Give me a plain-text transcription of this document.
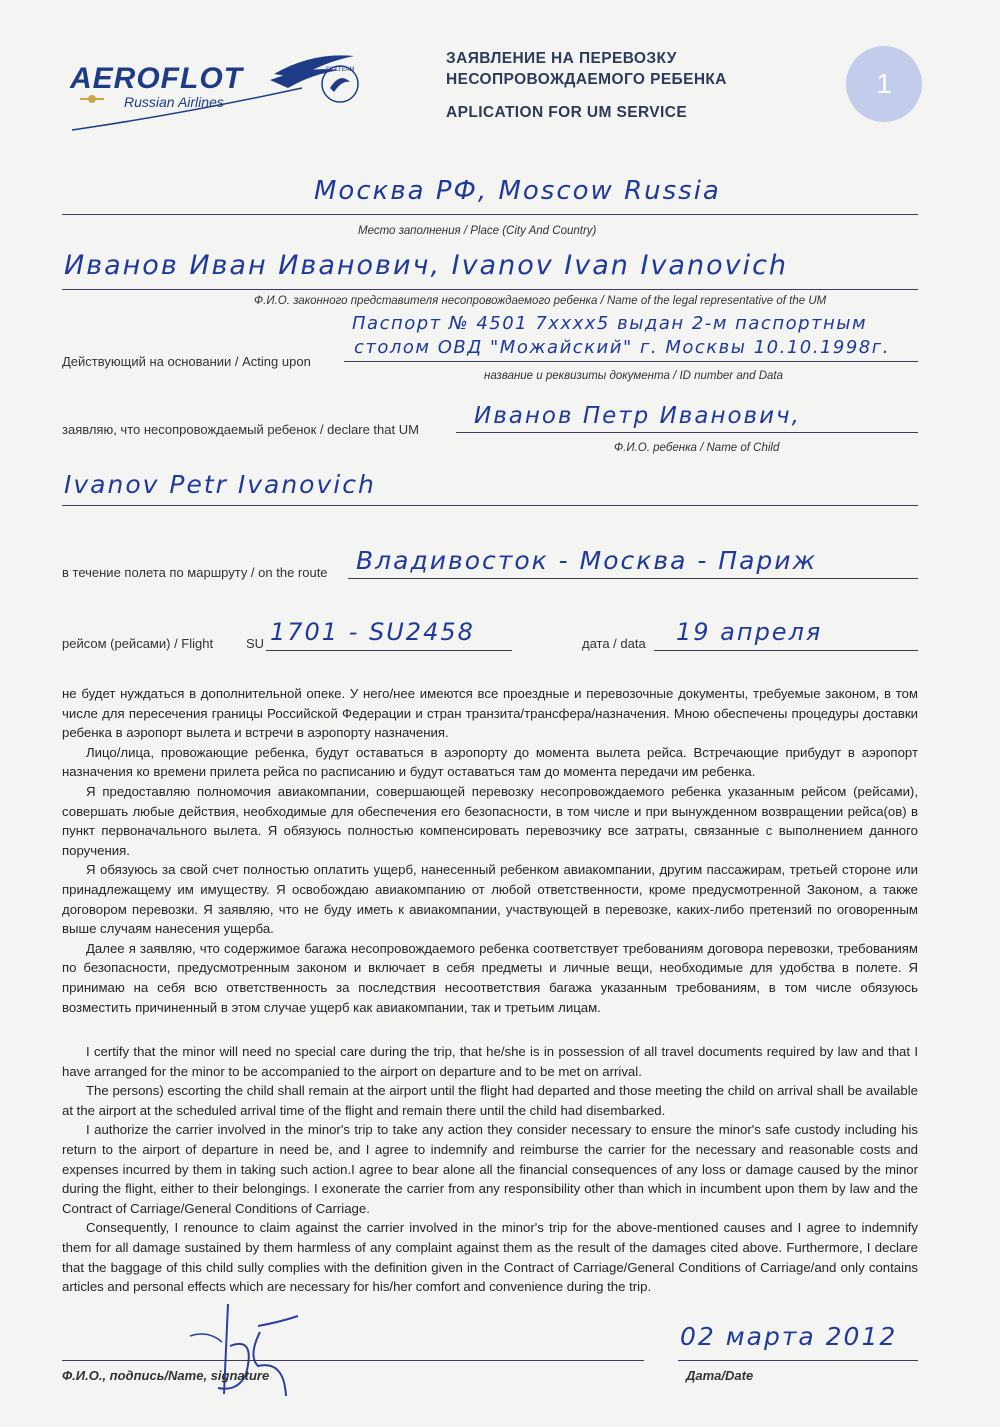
AEROFLOT
Russian Airlines
SKYTEAM
ЗАЯВЛЕНИЕ НА ПЕРЕВОЗКУ
НЕСОПРОВОЖДАЕМОГО РЕБЕНКА
APLICATION FOR UM SERVICE
1
Москва РФ, Moscow Russia
Место заполнения / Place (City And Country)
Иванов Иван Иванович, Ivanov Ivan Ivanovich
Ф.И.О. законного представителя несопровождаемого ребенка / Name of the legal representative of the UM
Паспорт № 4501 7xxxx5 выдан 2-м паспортным
столом ОВД "Можайский" г. Москвы 10.10.1998г.
Действующий на основании / Acting upon
название и реквизиты документа / ID number and Data
заявляю, что несопровождаемый ребенок / declare that UM
Иванов Петр Иванович,
Ф.И.О. ребенка / Name of Child
Ivanov Petr Ivanovich
в течение полета по маршруту / on the route Владивосток - Москва - Париж
рейсом (рейсами) / Flight	SU 1701 - SU2458	дата / data 19 апреля

не будет нуждаться в дополнительной опеке. У него/нее имеются все проездные и перевозочные документы, требуемые законом, в том числе для пересечения границы Российской Федерации и стран транзита/трансфера/назначения. Мною обеспечены процедуры доставки ребенка в аэропорт вылета и встречи в аэропорту назначения.

Лицо/лица, провожающие ребенка, будут оставаться в аэропорту до момента вылета рейса. Встречающие прибудут в аэропорт назначения ко времени прилета рейса по расписанию и будут оставаться там до момента передачи им ребенка.

Я предоставляю полномочия авиакомпании, совершающей перевозку несопровождаемого ребенка указанным рейсом (рейсами), совершать любые действия, необходимые для обеспечения его безопасности, в том числе и при вынужденном возвращении рейса(ов) в пункт первоначального вылета. Я обязуюсь полностью компенсировать перевозчику все затраты, связанные с выполнением данного поручения.

Я обязуюсь за свой счет полностью оплатить ущерб, нанесенный ребенком авиакомпании, другим пассажирам, третьей стороне или принадлежащему им имуществу. Я освобождаю авиакомпанию от любой ответственности, кроме предусмотренной Законом, а также договором перевозки. Я заявляю, что не буду иметь к авиакомпании, участвующей в перевозке, каких-либо претензий по оговоренным выше случаям нанесения ущерба.

Далее я заявляю, что содержимое багажа несопровождаемого ребенка соответствует требованиям договора перевозки, требованиям по безопасности, предусмотренным законом и включает в себя предметы и личные вещи, необходимые для удобства в полете. Я принимаю на себя всю ответственность за последствия несоответствия багажа указанным требованиям, в том числе обязуюсь возместить причиненный в этом случае ущерб как авиакомпании, так и третьим лицам.

I certify that the minor will need no special care during the trip, that he/she is in possession of all travel documents required by law and that I have arranged for the minor to be accompanied to the airport on departure and to be met on arrival.

The persons) escorting the child shall remain at the airport until the flight had departed and those meeting the child on arrival shall be available at the airport at the scheduled arrival time of the flight and remain there until the child had disembarked.

I authorize the carrier involved in the minor's trip to take any action they consider necessary to ensure the minor's safe custody including his return to the airport of departure in need be, and I agree to indemnify and reimburse the carrier for the necessary and reasonable costs and expenses incurred by them in taking such action.I agree to bear alone all the financial consequences of any loss or damage caused by the minor during the flight, either to their belongings. I exonerate the carrier from any responsibility other than which in incumbent upon them by law and the Contract of Carriage/General Conditions of Carriage.

Consequently, I renounce to claim against the carrier involved in the minor's trip for the above-mentioned causes and I agree to indemnify them for all damage sustained by them harmless of any complaint against them as the result of the damages cited above. Furthermore, I declare that the baggage of this child sully complies with the definition given in the Contract of Carriage/General Conditions of Carriage/and only contains articles and personal effects which are necessary for his/her comfort and convenience during the trip.

Ф.И.О., подпись/Name, signature
02 марта 2012
Дата/Date
